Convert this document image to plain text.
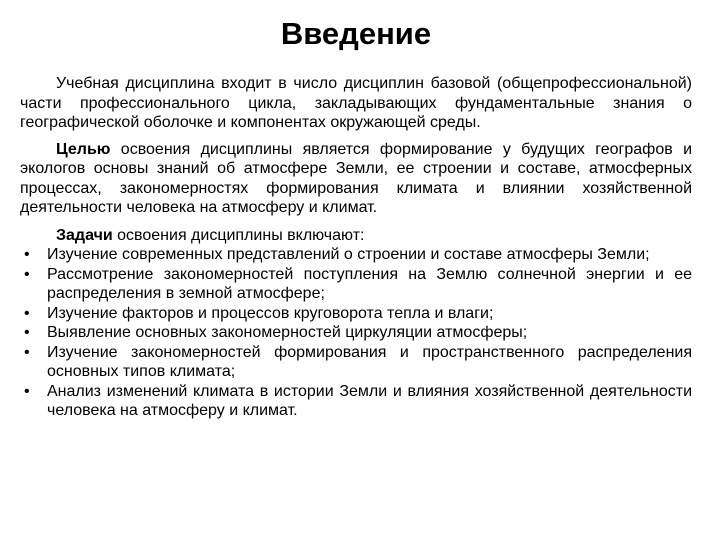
Введение

Учебная дисциплина входит в число дисциплин базовой (общепрофессиональной) части профессионального цикла, закладывающих фундаментальные знания о географической оболочке и компонентах окружающей среды.

Целью освоения дисциплины является формирование у будущих географов и экологов основы знаний об атмосфере Земли, ее строении и составе, атмосферных процессах, закономерностях формирования климата и влиянии хозяйственной деятельности человека на атмосферу и климат.

Задачи освоения дисциплины включают:

•	Изучение современных представлений о строении и составе атмосферы Земли;
•	Рассмотрение закономерностей поступления на Землю солнечной энергии и ее распределения в земной атмосфере;
•	Изучение факторов и процессов круговорота тепла и влаги;
•	Выявление основных закономерностей циркуляции атмосферы;
•	Изучение закономерностей формирования и пространственного распределения основных типов климата;
•	Анализ изменений климата в истории Земли и влияния хозяйственной деятельности человека на атмосферу и климат.
